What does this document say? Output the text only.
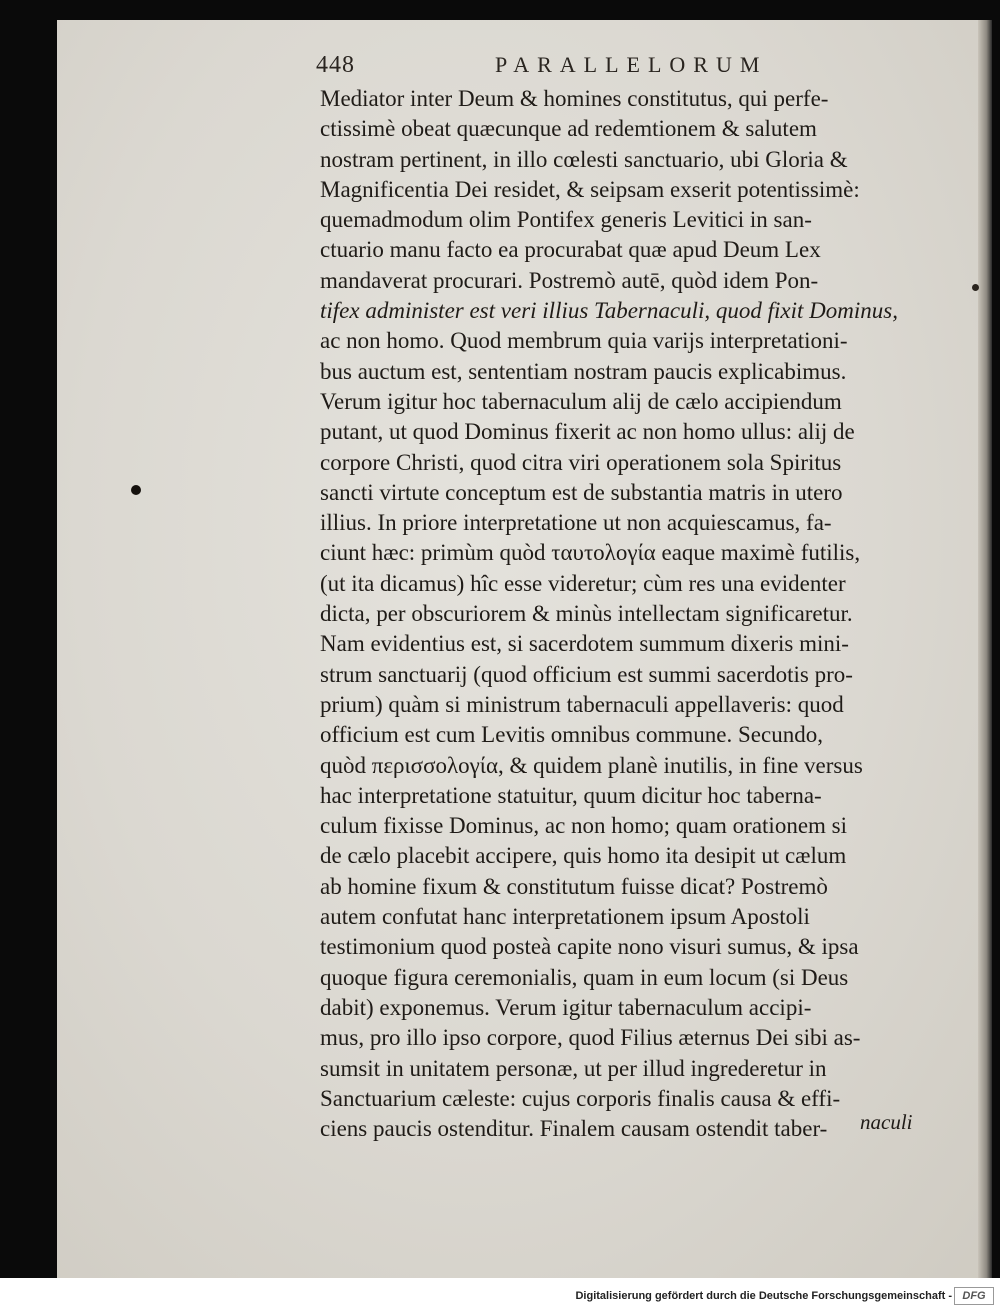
448	PARALLELORUM
Mediator inter Deum & homines constitutus, qui perfe-
ctissimè obeat quæcunque ad redemtionem & salutem
nostram pertinent, in illo cœlesti sanctuario, ubi Gloria &
Magnificentia Dei residet, & seipsam exserit potentissimè:
quemadmodum olim Pontifex generis Levitici in san-
ctuario manu facto ea procurabat quæ apud Deum Lex
mandaverat procurari. Postremò autē, quòd idem Pon-
tifex administer est veri illius Tabernaculi, quod fixit Dominus,
ac non homo. Quod membrum quia varijs interpretationi-
bus auctum est, sententiam nostram paucis explicabimus.
Verum igitur hoc tabernaculum alij de cælo accipiendum
putant, ut quod Dominus fixerit ac non homo ullus: alij de
corpore Christi, quod citra viri operationem sola Spiritus
sancti virtute conceptum est de substantia matris in utero
illius. In priore interpretatione ut non acquiescamus, fa-
ciunt hæc: primùm quòd ταυτολογία eaque maximè futilis,
(ut ita dicamus) hîc esse videretur; cùm res una evidenter
dicta, per obscuriorem & minùs intellectam significaretur.
Nam evidentius est, si sacerdotem summum dixeris mini-
strum sanctuarij (quod officium est summi sacerdotis pro-
prium) quàm si ministrum tabernaculi appellaveris: quod
officium est cum Levitis omnibus commune. Secundo,
quòd περισσολογία, & quidem planè inutilis, in fine versus
hac interpretatione statuitur, quum dicitur hoc taberna-
culum fixisse Dominus, ac non homo; quam orationem si
de cælo placebit accipere, quis homo ita desipit ut cælum
ab homine fixum & constitutum fuisse dicat? Postremò
autem confutat hanc interpretationem ipsum Apostoli
testimonium quod posteà capite nono visuri sumus, & ipsa
quoque figura ceremonialis, quam in eum locum (si Deus
dabit) exponemus. Verum igitur tabernaculum accipi-
mus, pro illo ipso corpore, quod Filius æternus Dei sibi as-
sumsit in unitatem personæ, ut per illud ingrederetur in
Sanctuarium cæleste: cujus corporis finalis causa & effi-
ciens paucis ostenditur. Finalem causam ostendit taber-	naculi
Digitalisierung gefördert durch die Deutsche Forschungsgemeinschaft - DFG
